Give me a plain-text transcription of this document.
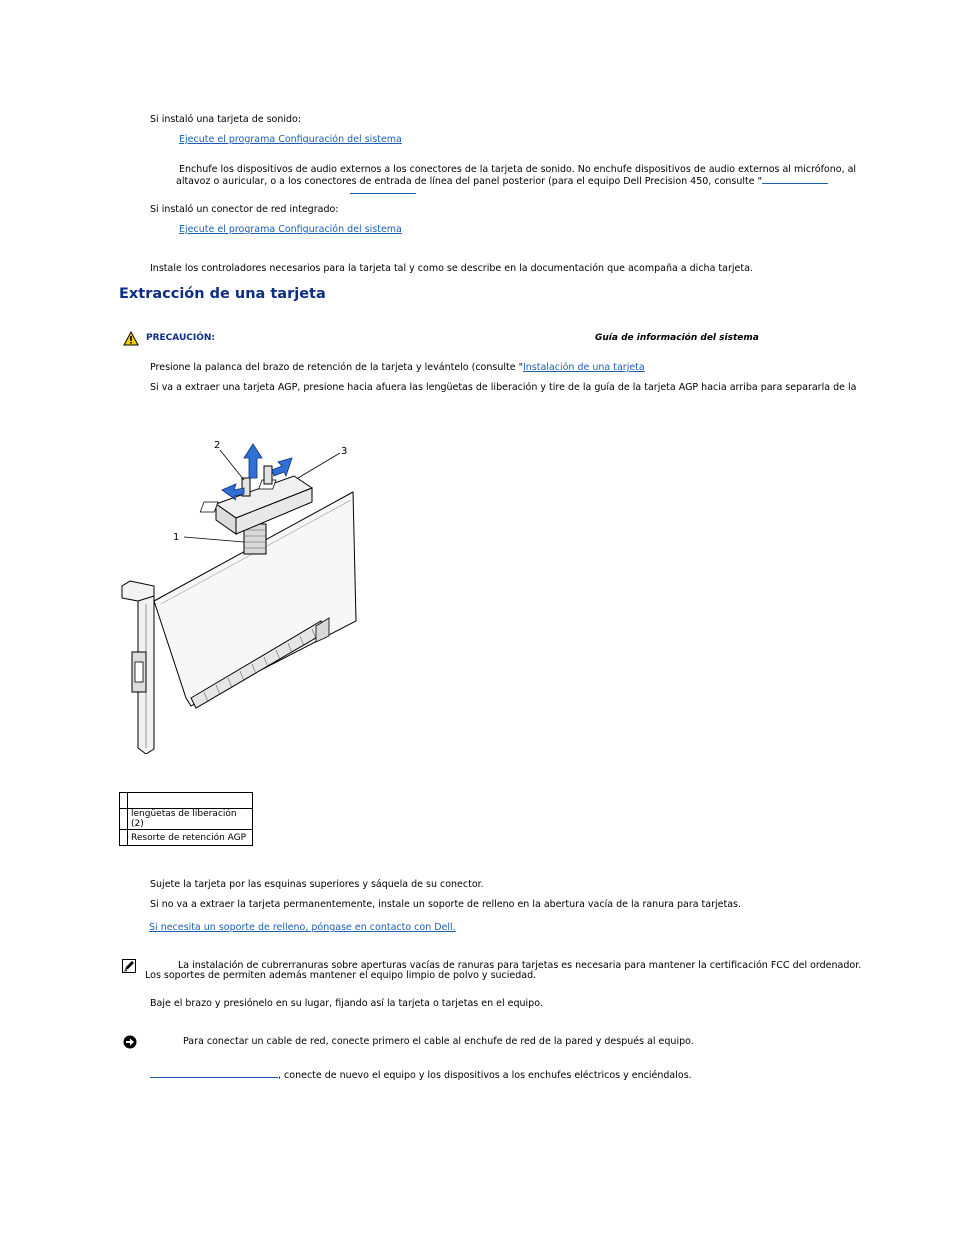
Si instaló una tarjeta de sonido:
Ejecute el programa Configuración del sistema
Enchufe los dispositivos de audio externos a los conectores de la tarjeta de sonido. No enchufe dispositivos de audio externos al micrófono, al
altavoz o auricular, o a los conectores de entrada de línea del panel posterior (para el equipo Dell Precision 450, consulte "
Si instaló un conector de red integrado:
Ejecute el programa Configuración del sistema
Instale los controladores necesarios para la tarjeta tal y como se describe en la documentación que acompaña a dicha tarjeta.
Extracción de una tarjeta
PRECAUCIÓN:	Guía de información del sistema
Presione la palanca del brazo de retención de la tarjeta y levántelo (consulte "Instalación de una tarjeta
Si va a extraer una tarjeta AGP, presione hacia afuera las lengüetas de liberación y tire de la guía de la tarjeta AGP hacia arriba para separarla de la
1
2
3

	lengüetas de liberación (2)
	Resorte de retención AGP
Sujete la tarjeta por las esquinas superiores y sáquela de su conector.
Si no va a extraer la tarjeta permanentemente, instale un soporte de relleno en la abertura vacía de la ranura para tarjetas.
Si necesita un soporte de relleno, póngase en contacto con Dell.
La instalación de cubrerranuras sobre aperturas vacías de ranuras para tarjetas es necesaria para mantener la certificación FCC del ordenador.
Los soportes de permiten además mantener el equipo limpio de polvo y suciedad.
Baje el brazo y presiónelo en su lugar, fijando así la tarjeta o tarjetas en el equipo.
Para conectar un cable de red, conecte primero el cable al enchufe de red de la pared y después al equipo.
, conecte de nuevo el equipo y los dispositivos a los enchufes eléctricos y enciéndalos.
